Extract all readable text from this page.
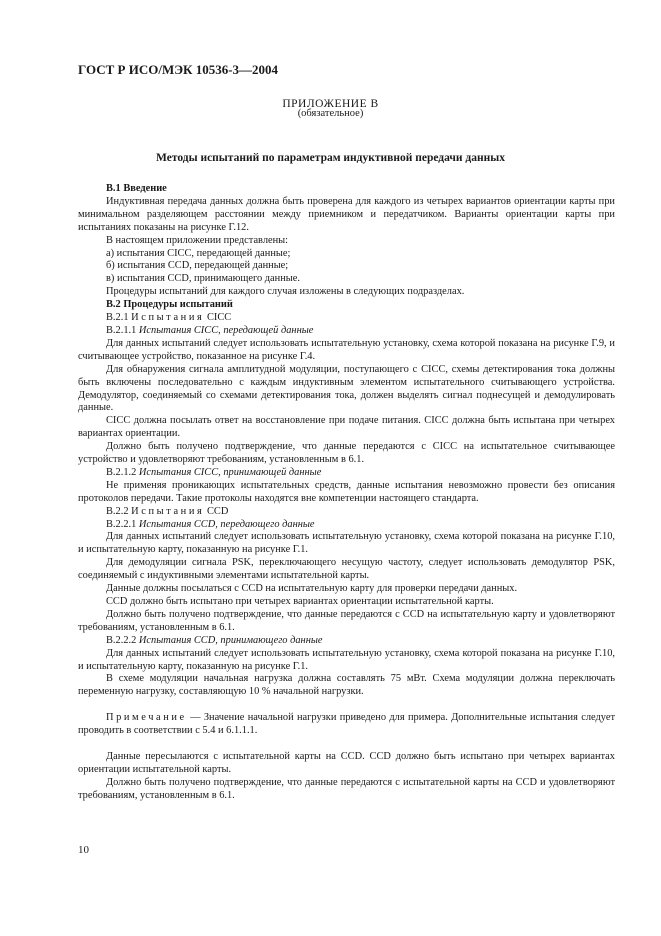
ГОСТ Р ИСО/МЭК 10536-3—2004
ПРИЛОЖЕНИЕ В
(обязательное)
Методы испытаний по параметрам индуктивной передачи данных

В.1 Введение

Индуктивная передача данных должна быть проверена для каждого из четырех вариантов ориентации карты при минимальном разделяющем расстоянии между приемником и передатчиком. Варианты ориентации карты при испытаниях показаны на рисунке Г.12.

В настоящем приложении представлены:

а) испытания CICC, передающей данные;

б) испытания CCD, передающей данные;

в) испытания CCD, принимающего данные.

Процедуры испытаний для каждого случая изложены в следующих подразделах.

В.2 Процедуры испытаний

В.2.1 Испытания CICC

В.2.1.1 Испытания CICC, передающей данные

Для данных испытаний следует использовать испытательную установку, схема которой показана на рисунке Г.9, и считывающее устройство, показанное на рисунке Г.4.

Для обнаружения сигнала амплитудной модуляции, поступающего с CICC, схемы детектирования тока должны быть включены последовательно с каждым индуктивным элементом испытательного считывающего устройства. Демодулятор, соединяемый со схемами детектирования тока, должен выделять сигнал поднесущей и демодулировать данные.

CICC должна посылать ответ на восстановление при подаче питания. CICC должна быть испытана при четырех вариантах ориентации.

Должно быть получено подтверждение, что данные передаются с CICC на испытательное считывающее устройство и удовлетворяют требованиям, установленным в 6.1.

В.2.1.2 Испытания CICC, принимающей данные

Не применяя проникающих испытательных средств, данные испытания невозможно провести без описания протоколов передачи. Такие протоколы находятся вне компетенции настоящего стандарта.

В.2.2 Испытания CCD

В.2.2.1 Испытания CCD, передающего данные

Для данных испытаний следует использовать испытательную установку, схема которой показана на рисунке Г.10, и испытательную карту, показанную на рисунке Г.1.

Для демодуляции сигнала PSK, переключающего несущую частоту, следует использовать демодулятор PSK, соединяемый с индуктивными элементами испытательной карты.

Данные должны посылаться с CCD на испытательную карту для проверки передачи данных.

CCD должно быть испытано при четырех вариантах ориентации испытательной карты.

Должно быть получено подтверждение, что данные передаются с CCD на испытательную карту и удовлетворяют требованиям, установленным в 6.1.

В.2.2.2 Испытания CCD, принимающего данные

Для данных испытаний следует использовать испытательную установку, схема которой показана на рисунке Г.10, и испытательную карту, показанную на рисунке Г.1.

В схеме модуляции начальная нагрузка должна составлять 75 мВт. Схема модуляции должна переключать переменную нагрузку, составляющую 10 % начальной нагрузки.

Примечание — Значение начальной нагрузки приведено для примера. Дополнительные испытания следует проводить в соответствии с 5.4 и 6.1.1.1.

Данные пересылаются с испытательной карты на CCD. CCD должно быть испытано при четырех вариантах ориентации испытательной карты.

Должно быть получено подтверждение, что данные передаются с испытательной карты на CCD и удовлетворяют требованиям, установленным в 6.1.

10
